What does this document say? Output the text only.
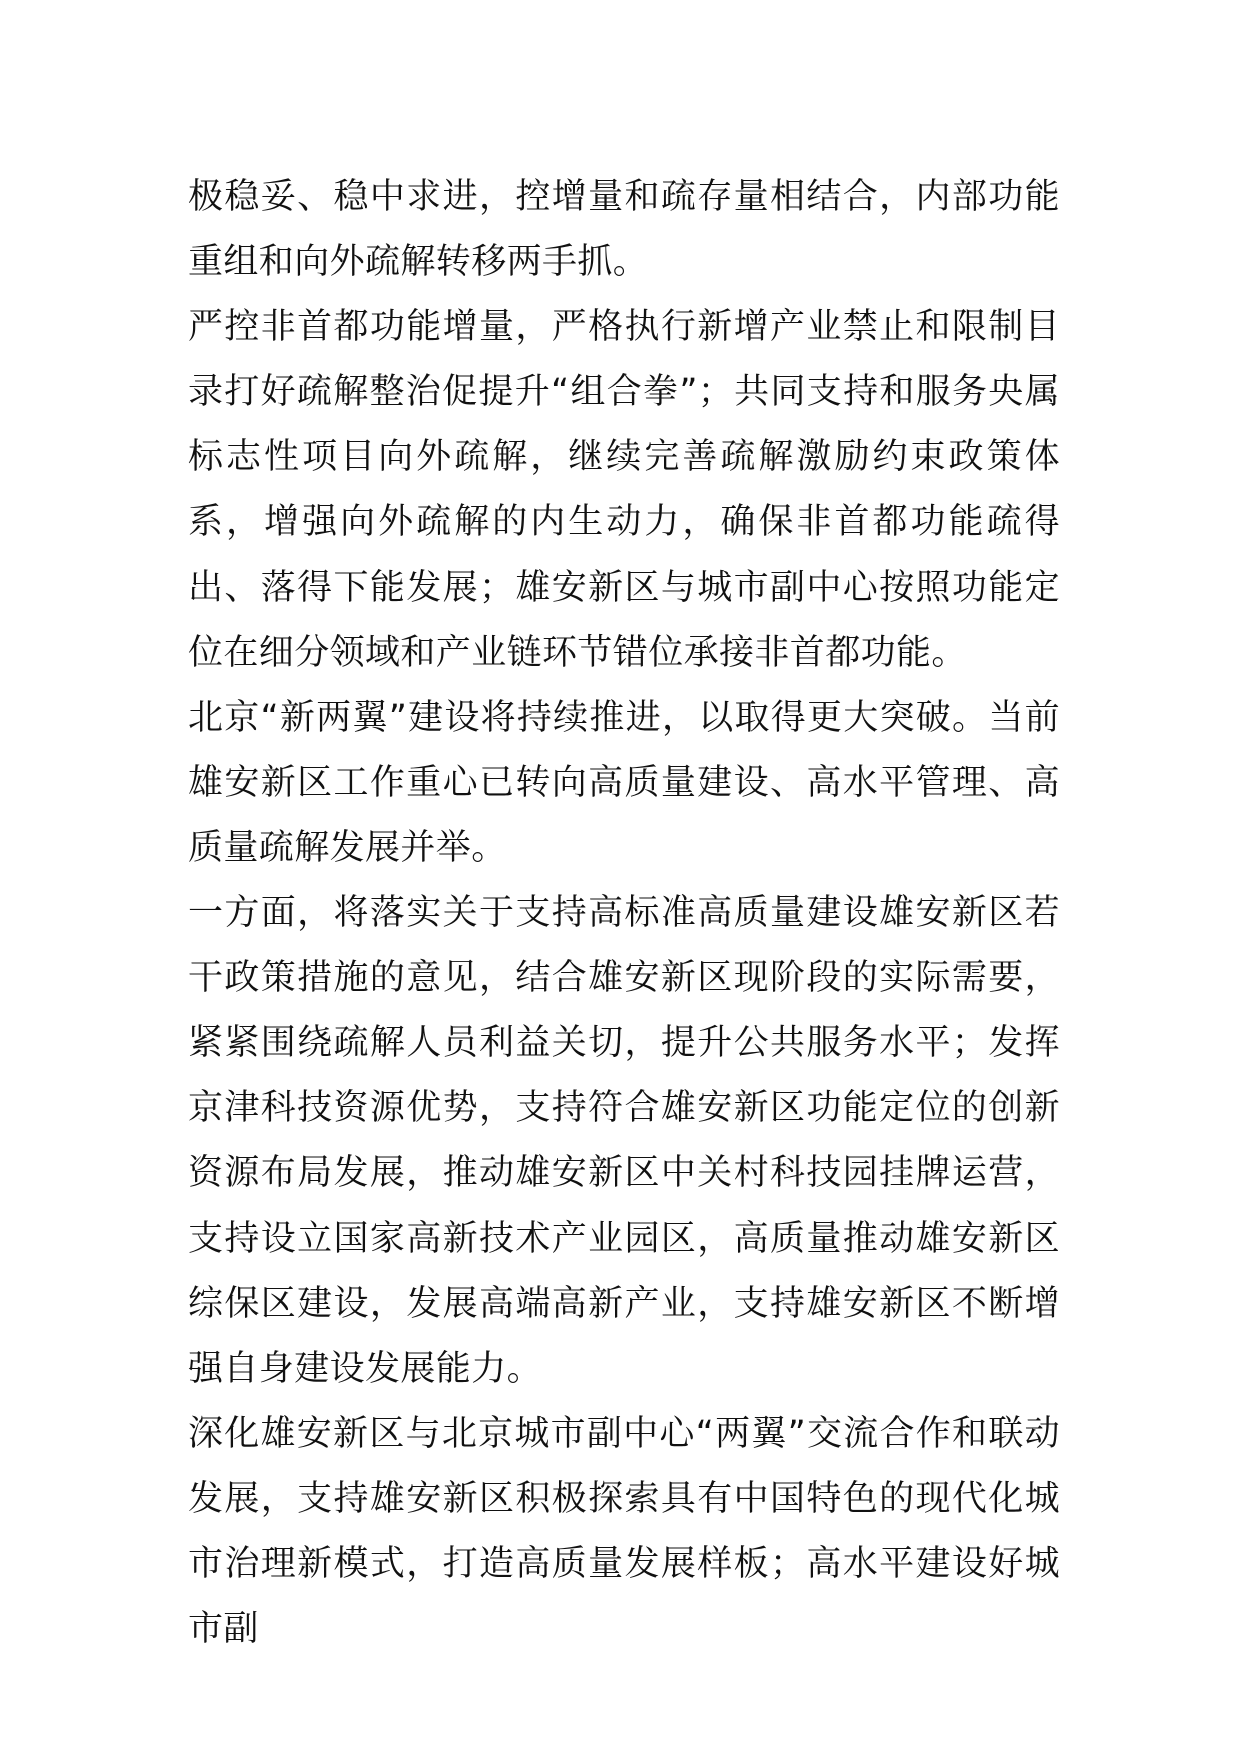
极稳妥、稳中求进，控增量和疏存量相结合，内部功能重组和向外疏解转移两手抓。

严控非首都功能增量，严格执行新增产业禁止和限制目录打好疏解整治促提升“组合拳”；共同支持和服务央属标志性项目向外疏解，继续完善疏解激励约束政策体系，增强向外疏解的内生动力，确保非首都功能疏得出、落得下能发展；雄安新区与城市副中心按照功能定位在细分领域和产业链环节错位承接非首都功能。

北京“新两翼”建设将持续推进，以取得更大突破。当前雄安新区工作重心已转向高质量建设、高水平管理、高质量疏解发展并举。

一方面，将落实关于支持高标准高质量建设雄安新区若干政策措施的意见，结合雄安新区现阶段的实际需要，紧紧围绕疏解人员利益关切，提升公共服务水平；发挥京津科技资源优势，支持符合雄安新区功能定位的创新资源布局发展，推动雄安新区中关村科技园挂牌运营，支持设立国家高新技术产业园区，高质量推动雄安新区综保区建设，发展高端高新产业，支持雄安新区不断增强自身建设发展能力。

深化雄安新区与北京城市副中心“两翼”交流合作和联动发展，支持雄安新区积极探索具有中国特色的现代化城市治理新模式，打造高质量发展样板；高水平建设好城市副
